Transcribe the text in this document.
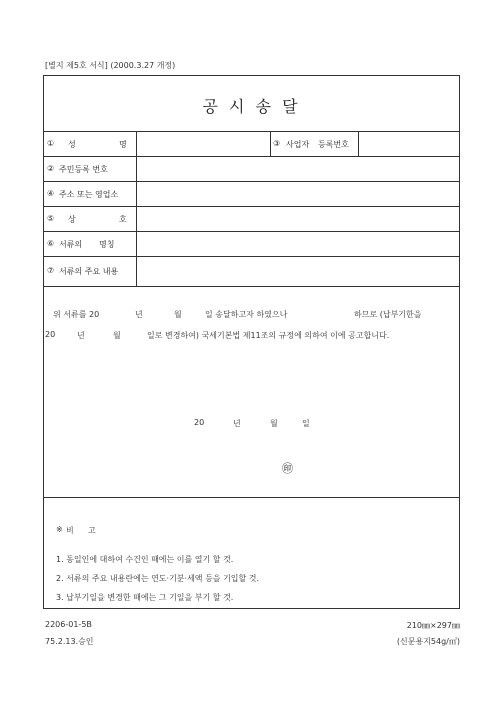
[별지 제5호 서식] (2000.3.27 개정)
공 시 송 달
① 성	명	③ 사업자 등록번호
② 주민등록 번호
④ 주소 또는 영업소
⑤ 상	호
⑥ 서류의 명칭
⑦ 서류의 주요 내용
위 서류를 20	년	월	일 송달하고자 하였으나	하므로 (납부기한을
20	년	월	일로 변경하여) 국세기본법 제11조의 규정에 의하여 이에 공고합니다.
20	년	월	일
㊞
※ 비 고
1. 동일인에 대하여 수건인 때에는 이를 열기 할 것.
2. 서류의 주요 내용란에는 연도·기분·세액 등을 기입할 것.
3. 납부기일을 변경한 때에는 그 기일을 부기 할 것.
2206-01-5B
75.2.13.승인
210㎜×297㎜
(신문용지54g/㎡)
